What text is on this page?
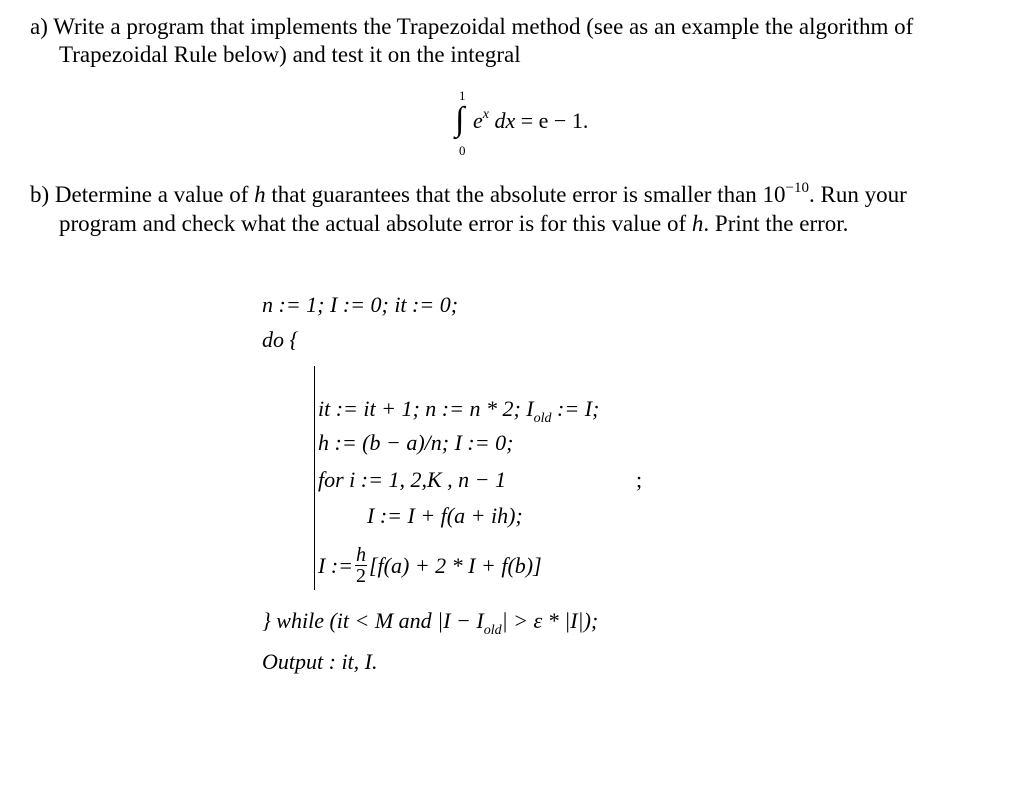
a) Write a program that implements the Trapezoidal method (see as an example the algorithm of
Trapezoidal Rule below) and test it on the integral
1
∫
0
$e^x$ dx = e − 1.
b) Determine a value of h that guarantees that the absolute error is smaller than $10^{-10}$. Run your
program and check what the actual absolute error is for this value of h. Print the error.
n := 1; I := 0; it := 0;
do {
it := it + 1; n := n * 2; $I_{old}$ := I;
h := (b − a)/n; I := 0;
for i := 1, 2,K , n − 1	;
I := I + f(a + ih);
I := $\frac{h}{2} [f(a) + 2 * I + f(b)]$
} while (it < M and $|I - I_{old}| > \varepsilon * |I|$);
Output : it, I.
